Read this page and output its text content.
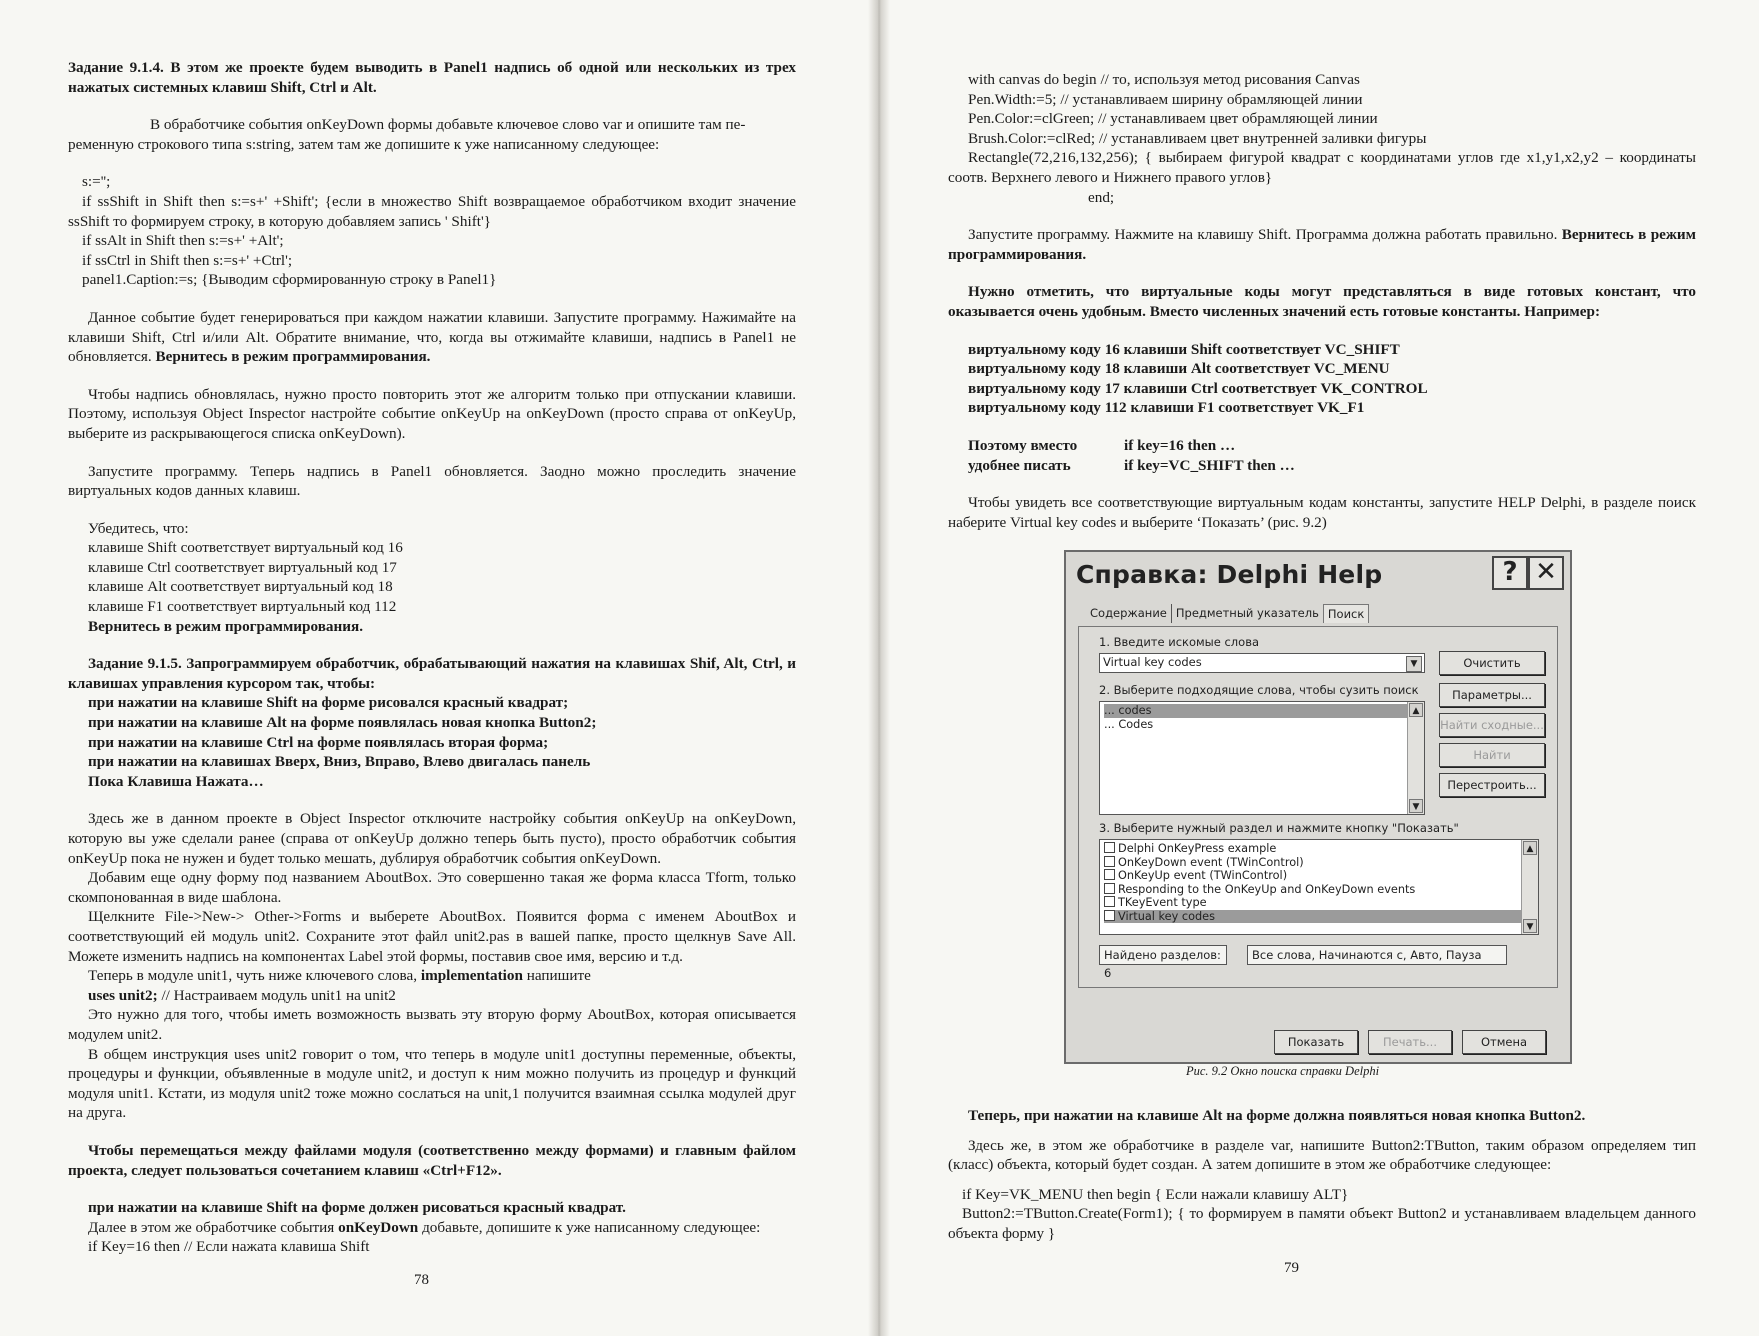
Задание 9.1.4. В этом же проекте будем выводить в Panel1 надпись об одной или нескольких из трех нажатых системных клавиш Shift, Ctrl и Alt.

В обработчике события onKeyDown формы добавьте ключевое слово var и опишите там пе-

ременную строкового типа s:string, затем там же допишите к уже написанному следующее:

s:='';

if ssShift in Shift then s:=s+' +Shift'; {если в множество Shift возвращаемое обработчиком входит значение ssShift то формируем строку, в которую добавляем запись ' Shift'}

if ssAlt in Shift then s:=s+' +Alt';

if ssCtrl in Shift then s:=s+' +Ctrl';

panel1.Caption:=s; {Выводим сформированную строку в Panel1}

Данное событие будет генерироваться при каждом нажатии клавиши. Запустите программу. Нажимайте на клавиши Shift, Ctrl и/или Alt. Обратите внимание, что, когда вы отжимайте клавиши, надпись в Panel1 не обновляется. Вернитесь в режим программирования.

Чтобы надпись обновлялась, нужно просто повторить этот же алгоритм только при отпускании клавиши. Поэтому, используя Object Inspector настройте событие onKeyUp на onKeyDown (просто справа от onKeyUp, выберите из раскрывающегося списка onKeyDown).

Запустите программу. Теперь надпись в Panel1 обновляется. Заодно можно проследить значение виртуальных кодов данных клавиш.

Убедитесь, что:

клавише Shift соответствует виртуальный код 16

клавише Ctrl соответствует виртуальный код 17

клавише Alt соответствует виртуальный код 18

клавише F1 соответствует виртуальный код 112

Вернитесь в режим программирования.

Задание 9.1.5. Запрограммируем обработчик, обрабатывающий нажатия на клавишах Shif, Alt, Ctrl, и клавишах управления курсором так, чтобы:

при нажатии на клавише Shift на форме рисовался красный квадрат;

при нажатии на клавише Alt на форме появлялась новая кнопка Button2;

при нажатии на клавише Ctrl на форме появлялась вторая форма;

при нажатии на клавишах Вверх, Вниз, Вправо, Влево двигалась панель

Пока Клавиша Нажата…

Здесь же в данном проекте в Object Inspector отключите настройку события onKeyUp на onKeyDown, которую вы уже сделали ранее (справа от onKeyUp должно теперь быть пусто), просто обработчик события onKeyUp пока не нужен и будет только мешать, дублируя обработчик события onKeyDown.

Добавим еще одну форму под названием AboutBox. Это совершенно такая же форма класса Tform, только скомпонованная в виде шаблона.

Щелкните File->New-> Other->Forms и выберете AboutBox. Появится форма с именем AboutBox и соответствующий ей модуль unit2. Сохраните этот файл unit2.pas в вашей папке, просто щелкнув Save All. Можете изменить надпись на компонентах Label этой формы, поставив свое имя, версию и т.д.

Теперь в модуле unit1, чуть ниже ключевого слова, implementation напишите

uses unit2; // Настраиваем модуль unit1 на unit2

Это нужно для того, чтобы иметь возможность вызвать эту вторую форму AboutBox, которая описывается модулем unit2.

В общем инструкция uses unit2 говорит о том, что теперь в модуле unit1 доступны переменные, объекты, процедуры и функции, объявленные в модуле unit2, и доступ к ним можно получить из процедур и функций модуля unit1. Кстати, из модуля unit2 тоже можно сослаться на unit,1 получится взаимная ссылка модулей друг на друга.

Чтобы перемещаться между файлами модуля (соответственно между формами) и главным файлом проекта, следует пользоваться сочетанием клавиш «Ctrl+F12».

при нажатии на клавише Shift на форме должен рисоваться красный квадрат.

Далее в этом же обработчике события onKeyDown добавьте, допишите к уже написанному следующее:

if Key=16 then // Если нажата клавиша Shift

78

with canvas do begin // то, используя метод рисования Canvas

Pen.Width:=5; // устанавливаем ширину обрамляющей линии

Pen.Color:=clGreen; // устанавливаем цвет обрамляющей линии

Brush.Color:=clRed; // устанавливаем цвет внутренней заливки фигуры

Rectangle(72,216,132,256); { выбираем фигурой квадрат с координатами углов где x1,y1,x2,y2 – координаты соотв. Верхнего левого и Нижнего правого углов}

end;

Запустите программу. Нажмите на клавишу Shift. Программа должна работать правильно. Вернитесь в режим программирования.

Нужно отметить, что виртуальные коды могут представляться в виде готовых констант, что оказывается очень удобным. Вместо численных значений есть готовые константы. Например:

виртуальному коду 16 клавиши Shift соответствует VC_SHIFT

виртуальному коду 18 клавиши Alt соответствует VC_MENU

виртуальному коду 17 клавиши Ctrl соответствует VK_CONTROL

виртуальному коду 112 клавиши F1 соответствует VK_F1

Поэтому вместо	if key=16 then …

удобнее писать	if key=VC_SHIFT then …

Чтобы увидеть все соответствующие виртуальным кодам константы, запустите HELP Delphi, в разделе поиск наберите Virtual key codes и выберите ‘Показать’ (рис. 9.2)

Справка: Delphi Help	? ✕
Содержание Предметный указатель Поиск
1. Введите искомые слова
Virtual key codes	▼	Очистить
2. Выберите подходящие слова, чтобы сузить поиск
... codes
... Codes
▲
▼
Параметры...
Найти сходные...
Найти
Перестроить...
3. Выберите нужный раздел и нажмите кнопку "Показать"
Delphi OnKeyPress example
OnKeyDown event (TWinControl)
OnKeyUp event (TWinControl)
Responding to the OnKeyUp and OnKeyDown events
TKeyEvent type
Virtual key codes
▲
▼
Найдено разделов: 6
Все слова, Начинаются с, Авто, Пауза
Показать	Печать...	Отмена
Рис. 9.2 Окно поиска справки Delphi

Теперь, при нажатии на клавише Alt на форме должна появляться новая кнопка Button2.

Здесь же, в этом же обработчике в разделе var, напишите Button2:TButton, таким образом определяем тип (класс) объекта, который будет создан. А затем допишите в этом же обработчике следующее:

if Key=VK_MENU then begin { Если нажали клавишу ALT}

Button2:=TButton.Create(Form1); { то формируем в памяти объект Button2 и устанавливаем владельцем данного объекта форму }

79
